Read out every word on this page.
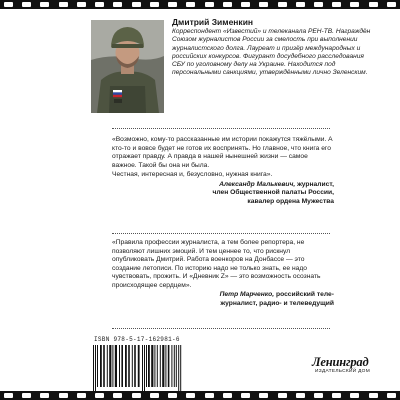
Дмитрий Зименкин

Корреспондент «Известий» и телеканала РЕН-ТВ. Награждён Союзом журналистов России за смелость при выполнении журналистского долга. Лауреат и призёр международных и российских конкурсов. Фигурант досудебного расследования СБУ по уголовному делу на Украине. Находится под персональными санкциями, утверждёнными лично Зеленским.

«Возможно, кому-то рассказанные им истории покажутся тяжёлыми. А кто-то и вовсе будет не готов их воспринять. Но главное, что книга его отражает правду. А правда в нашей нынешней жизни — самое важное. Такой бы она ни была.

Честная, интересная и, безусловно, нужная книга».

Александр Малькевич, журналист,
член Общественной палаты России,
кавалер ордена Мужества

«Правила профессии журналиста, а тем более репортера, не позволяют лишних эмоций. И тем ценнее то, что рискнул опубликовать Дмитрий. Работа военкоров на Донбассе — это создание летописи. По историю надо не только знать, ее надо чувствовать, прожить. И «Дневник Z» — это возможность осознать происходящее сердцем».

Петр Марченко, российский теле-
журналист, радио- и телеведущий
ISBN 978-5-17-162981-6
Ленинград
ИЗДАТЕЛЬСКИЙ ДОМ
